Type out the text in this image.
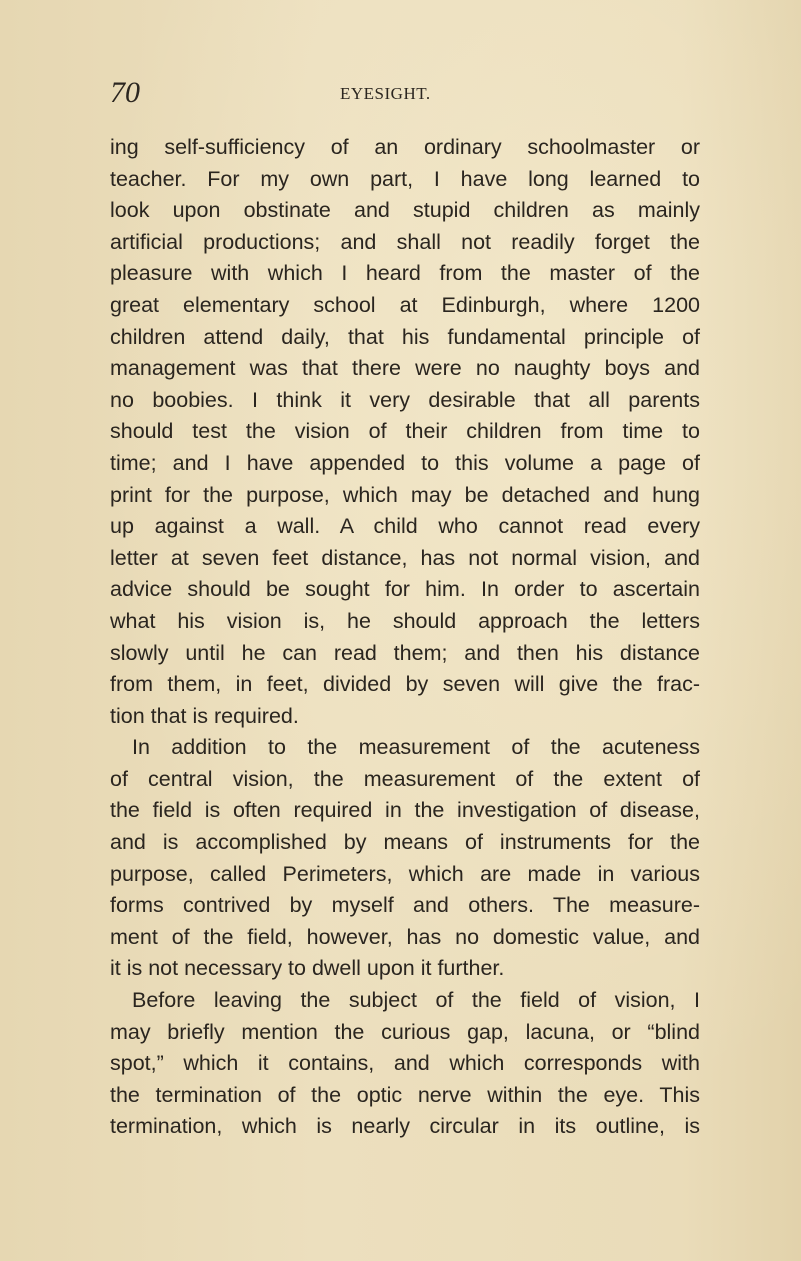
70	EYESIGHT.
ing self-sufficiency of an ordinary schoolmaster or
teacher. For my own part, I have long learned to
look upon obstinate and stupid children as mainly
artificial productions; and shall not readily forget the
pleasure with which I heard from the master of the
great elementary school at Edinburgh, where 1200
children attend daily, that his fundamental principle of
management was that there were no naughty boys and
no boobies. I think it very desirable that all parents
should test the vision of their children from time to
time; and I have appended to this volume a page of
print for the purpose, which may be detached and hung
up against a wall. A child who cannot read every
letter at seven feet distance, has not normal vision, and
advice should be sought for him. In order to ascertain
what his vision is, he should approach the letters
slowly until he can read them; and then his distance
from them, in feet, divided by seven will give the frac-
tion that is required.
In addition to the measurement of the acuteness
of central vision, the measurement of the extent of
the field is often required in the investigation of disease,
and is accomplished by means of instruments for the
purpose, called Perimeters, which are made in various
forms contrived by myself and others. The measure-
ment of the field, however, has no domestic value, and
it is not necessary to dwell upon it further.
Before leaving the subject of the field of vision, I
may briefly mention the curious gap, lacuna, or “blind
spot,” which it contains, and which corresponds with
the termination of the optic nerve within the eye. This
termination, which is nearly circular in its outline, is
